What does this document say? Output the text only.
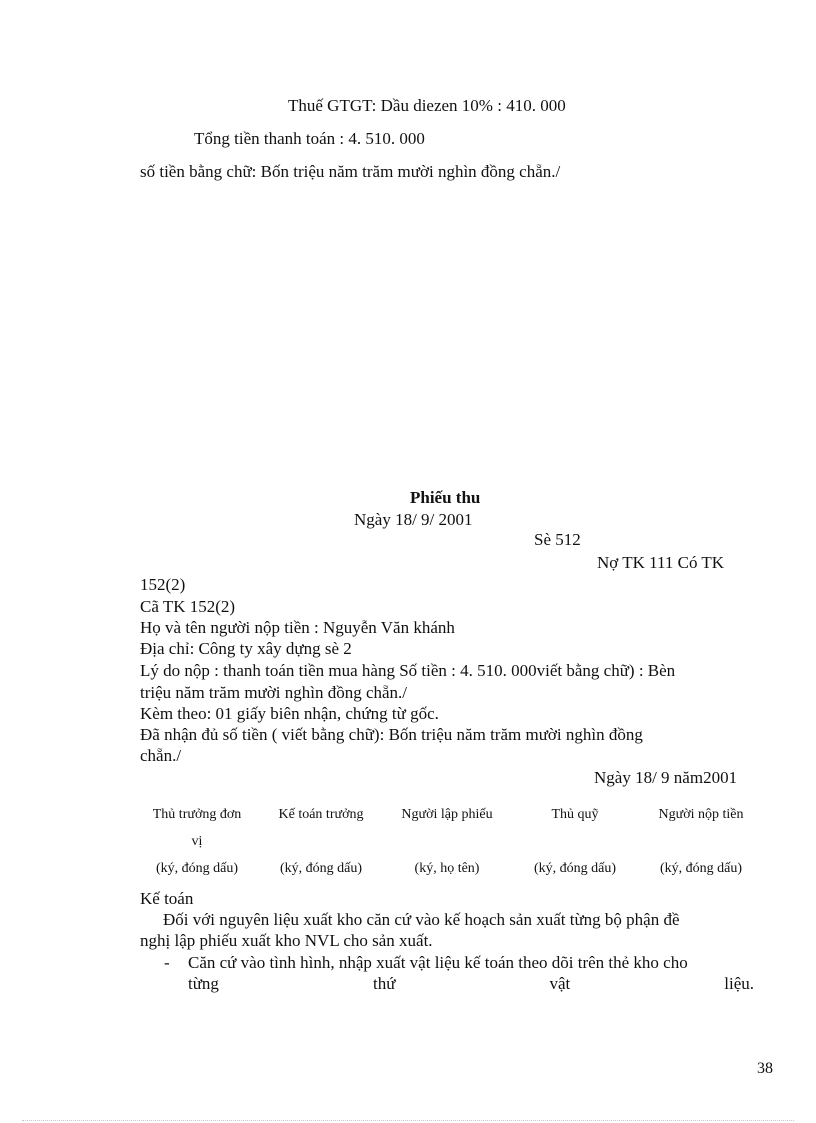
Thuế GTGT: Dầu diezen 10% : 410. 000
Tổng tiền thanh toán : 4. 510. 000
số tiền bằng chữ: Bốn triệu năm trăm mười nghìn đồng chẵn./
Phiếu thu
Ngày 18/ 9/ 2001
Sè 512
Nợ TK 111 Có TK
152(2)
Cã TK 152(2)
Họ và tên người nộp tiền : Nguyễn Văn khánh
Địa chỉ: Công ty xây dựng sè 2
Lý do nộp : thanh toán tiền mua hàng Số tiền : 4. 510. 000viết bằng chữ) : Bèn
triệu năm trăm mười nghìn đồng chẵn./
Kèm theo: 01 giấy biên nhận, chứng từ gốc.
Đã nhận đủ số tiền ( viết bằng chữ): Bốn triệu năm trăm mười nghìn đồng
chẵn./
Ngày 18/ 9 năm2001
Thủ trưởng đơn	Kế toán trưởng	Người lập phiếu	Thủ quỹ	Người nộp tiền
vị
(ký, đóng dấu)	(ký, đóng dấu)	(ký, họ tên)	(ký, đóng dấu)	(ký, đóng dấu)
Kế toán
Đối với nguyên liệu xuất kho căn cứ vào kế hoạch sản xuất từng bộ phận đề
nghị lập phiếu xuất kho NVL cho sản xuất.
- Căn cứ vào tình hình, nhập xuất vật liệu kế toán theo dõi trên thẻ kho cho
từng thứ vật liệu.
38
